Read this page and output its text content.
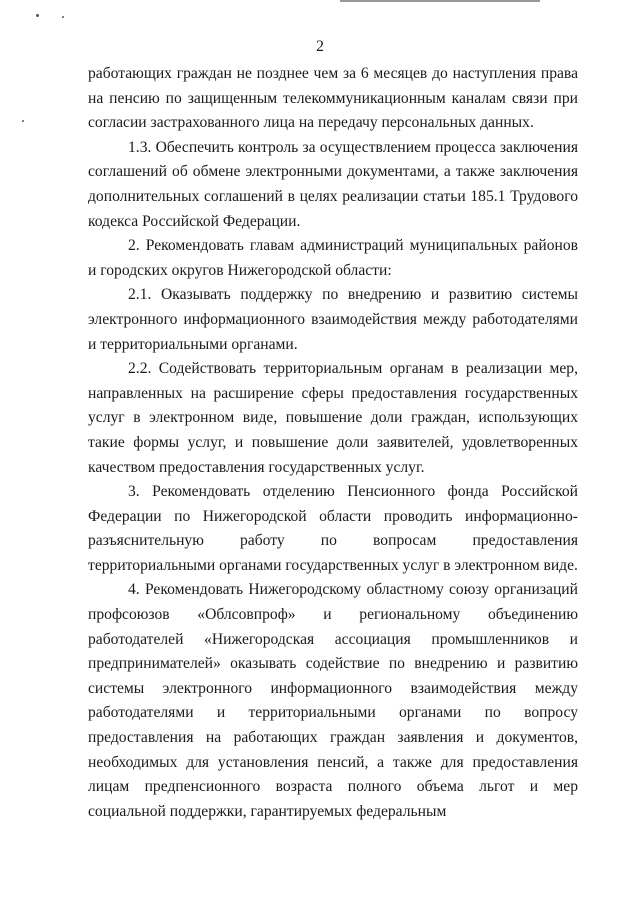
2

работающих граждан не позднее чем за 6 месяцев до наступления права на пенсию по защищенным телекоммуникационным каналам связи при согласии застрахованного лица на передачу персональных данных.

1.3. Обеспечить контроль за осуществлением процесса заключения соглашений об обмене электронными документами, а также заключения дополнительных соглашений в целях реализации статьи 185.1 Трудового кодекса Российской Федерации.

2. Рекомендовать главам администраций муниципальных районов и городских округов Нижегородской области:

2.1. Оказывать поддержку по внедрению и развитию системы электронного информационного взаимодействия между работодателями и территориальными органами.

2.2. Содействовать территориальным органам в реализации мер, направленных на расширение сферы предоставления государственных услуг в электронном виде, повышение доли граждан, использующих такие формы услуг, и повышение доли заявителей, удовлетворенных качеством предоставления государственных услуг.

3. Рекомендовать отделению Пенсионного фонда Российской Федерации по Нижегородской области проводить информационно-разъяснительную работу по вопросам предоставления территориальными органами государственных услуг в электронном виде.

4. Рекомендовать Нижегородскому областному союзу организаций профсоюзов «Облсовпроф» и региональному объединению работодателей «Нижегородская ассоциация промышленников и предпринимателей» оказывать содействие по внедрению и развитию системы электронного информационного взаимодействия между работодателями и территориальными органами по вопросу предоставления на работающих граждан заявления и документов, необходимых для установления пенсий, а также для предоставления лицам предпенсионного возраста полного объема льгот и мер социальной поддержки, гарантируемых федеральным
